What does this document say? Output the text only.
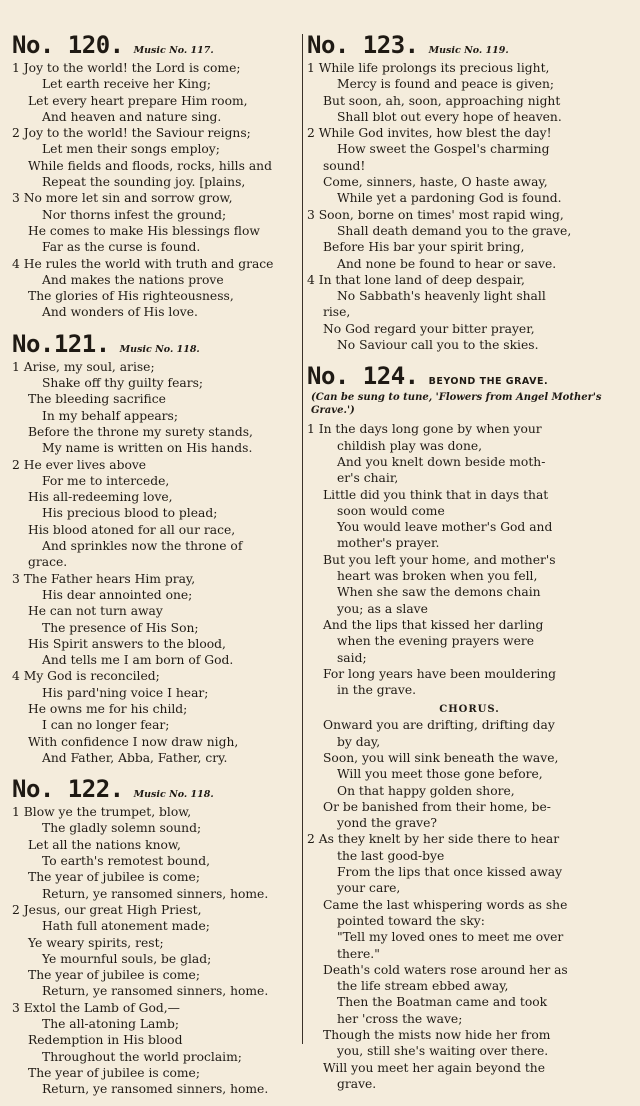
No. 120. Music No. 117.
1 Joy to the world! the Lord is come;
Let earth receive her King;
Let every heart prepare Him room,
And heaven and nature sing.
2 Joy to the world! the Saviour reigns;
Let men their songs employ;
While fields and floods, rocks, hills and
Repeat the sounding joy. [plains,
3 No more let sin and sorrow grow,
Nor thorns infest the ground;
He comes to make His blessings flow
Far as the curse is found.
4 He rules the world with truth and grace
And makes the nations prove
The glories of His righteousness,
And wonders of His love.
No.121. Music No. 118.
1 Arise, my soul, arise;
Shake off thy guilty fears;
The bleeding sacrifice
In my behalf appears;
Before the throne my surety stands,
My name is written on His hands.
2 He ever lives above
For me to intercede,
His all-redeeming love,
His precious blood to plead;
His blood atoned for all our race,
And sprinkles now the throne of
grace.
3 The Father hears Him pray,
His dear annointed one;
He can not turn away
The presence of His Son;
His Spirit answers to the blood,
And tells me I am born of God.
4 My God is reconciled;
His pard'ning voice I hear;
He owns me for his child;
I can no longer fear;
With confidence I now draw nigh,
And Father, Abba, Father, cry.
No. 122. Music No. 118.
1 Blow ye the trumpet, blow,
The gladly solemn sound;
Let all the nations know,
To earth's remotest bound,
The year of jubilee is come;
Return, ye ransomed sinners, home.
2 Jesus, our great High Priest,
Hath full atonement made;
Ye weary spirits, rest;
Ye mournful souls, be glad;
The year of jubilee is come;
Return, ye ransomed sinners, home.
3 Extol the Lamb of God,—
The all-atoning Lamb;
Redemption in His blood
Throughout the world proclaim;
The year of jubilee is come;
Return, ye ransomed sinners, home.
No. 123. Music No. 119.
1 While life prolongs its precious light,
Mercy is found and peace is given;
But soon, ah, soon, approaching night
Shall blot out every hope of heaven.
2 While God invites, how blest the day!
How sweet the Gospel's charming
sound!
Come, sinners, haste, O haste away,
While yet a pardoning God is found.
3 Soon, borne on times' most rapid wing,
Shall death demand you to the grave,
Before His bar your spirit bring,
And none be found to hear or save.
4 In that lone land of deep despair,
No Sabbath's heavenly light shall
rise,
No God regard your bitter prayer,
No Saviour call you to the skies.
No. 124. BEYOND THE GRAVE.
(Can be sung to tune, 'Flowers from Angel Mother's Grave.')
1 In the days long gone by when your
childish play was done,
And you knelt down beside moth-
er's chair,
Little did you think that in days that
soon would come
You would leave mother's God and
mother's prayer.
But you left your home, and mother's
heart was broken when you fell,
When she saw the demons chain
you; as a slave
And the lips that kissed her darling
when the evening prayers were
said;
For long years have been mouldering
in the grave.
CHORUS.
Onward you are drifting, drifting day
by day,
Soon, you will sink beneath the wave,
Will you meet those gone before,
On that happy golden shore,
Or be banished from their home, be-
yond the grave?
2 As they knelt by her side there to hear
the last good-bye
From the lips that once kissed away
your care,
Came the last whispering words as she
pointed toward the sky:
"Tell my loved ones to meet me over
there."
Death's cold waters rose around her as
the life stream ebbed away,
Then the Boatman came and took
her 'cross the wave;
Though the mists now hide her from
you, still she's waiting over there.
Will you meet her again beyond the
grave.
